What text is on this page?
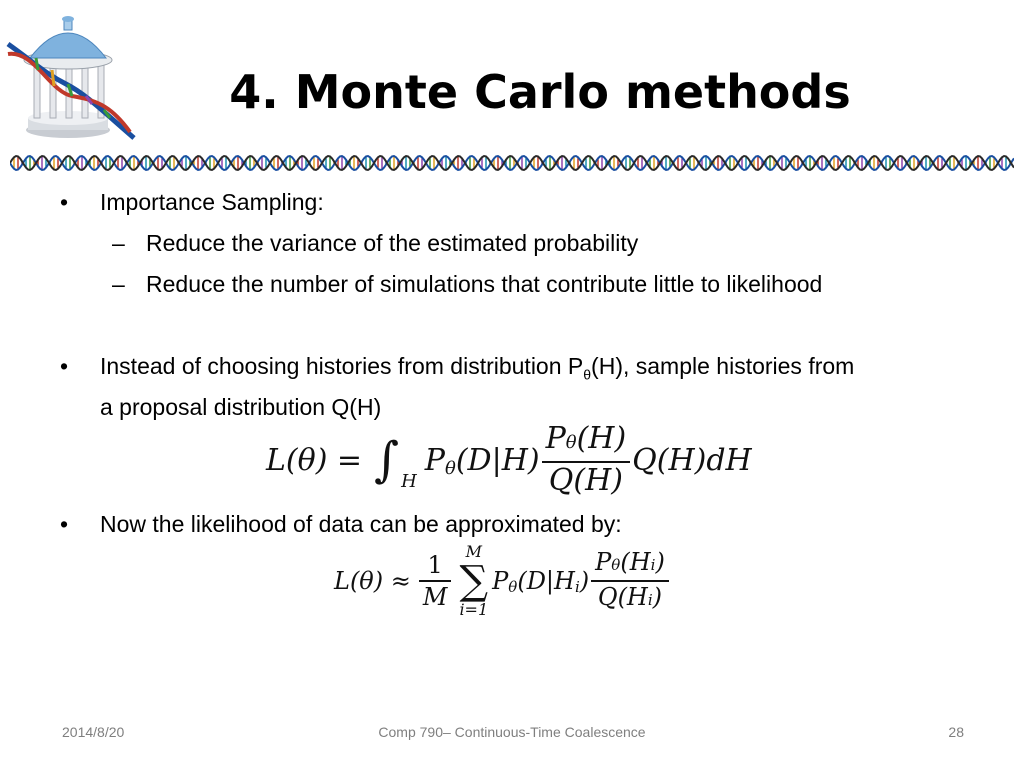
4. Monte Carlo methods
• Importance Sampling:
– Reduce the variance of the estimated probability
– Reduce the number of simulations that contribute little to likelihood
• Instead of choosing histories from distribution $P_\theta(H)$, sample histories from
a proposal distribution Q(H)
L(θ) = ∫ H
P θ $(D|H) \frac{P\theta(H)}{Q(H)} Q(H)dH$
• Now the likelihood of data can be approximated by:
$L(\theta) \approx \frac{1}{M}$ M
∑
i=1
P θ (D|H i ) $\frac{P\theta(Hi)}{Q(Hi)}$
2014/8/20	Comp 790– Continuous-Time Coalescence	28
